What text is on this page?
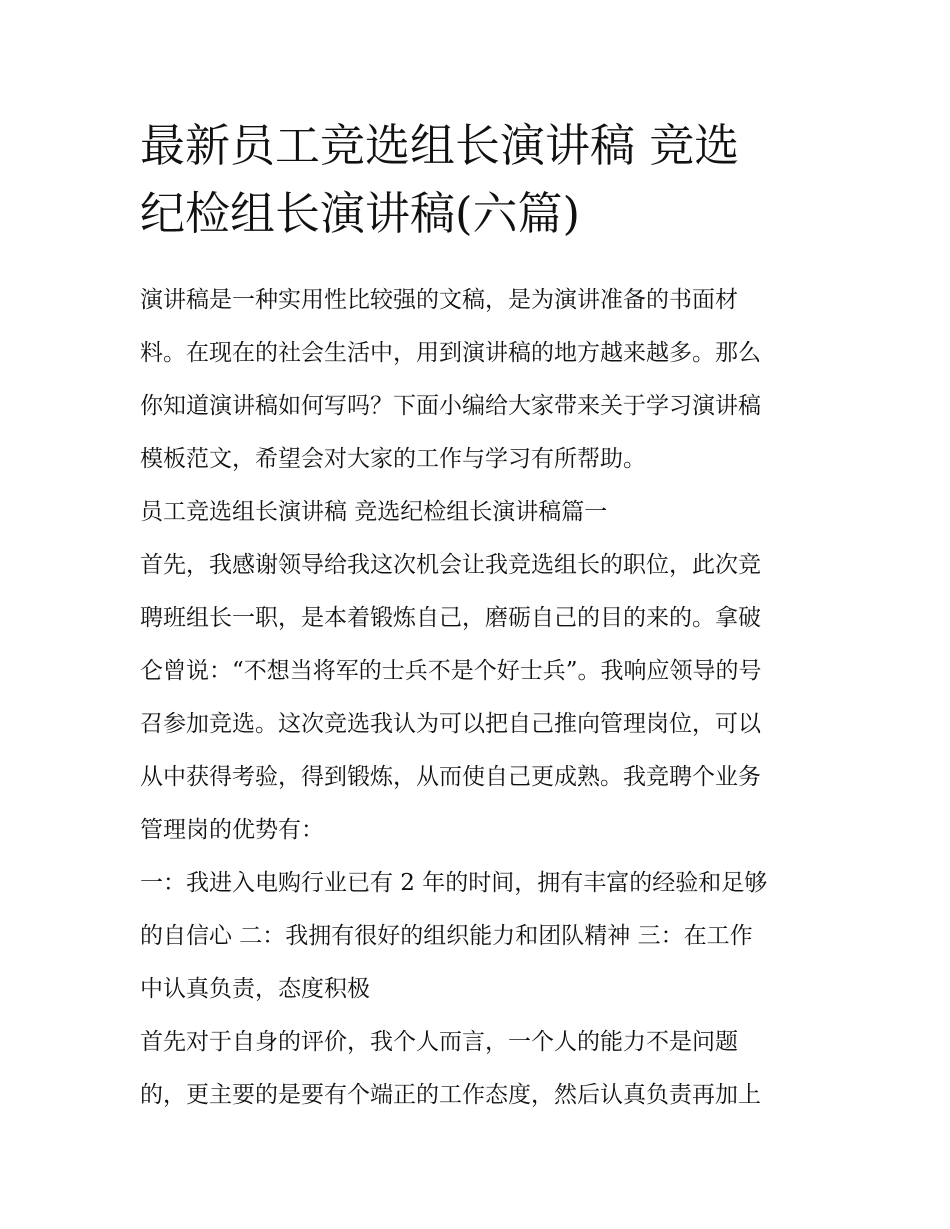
最新员工竞选组长演讲稿 竞选
纪检组长演讲稿(六篇)
演讲稿是一种实用性比较强的文稿，是为演讲准备的书面材
料。在现在的社会生活中，用到演讲稿的地方越来越多。那么
你知道演讲稿如何写吗？下面小编给大家带来关于学习演讲稿
模板范文，希望会对大家的工作与学习有所帮助。
员工竞选组长演讲稿 竞选纪检组长演讲稿篇一
首先，我感谢领导给我这次机会让我竞选组长的职位，此次竞
聘班组长一职，是本着锻炼自己，磨砺自己的目的来的。拿破
仑曾说：“不想当将军的士兵不是个好士兵”。我响应领导的号
召参加竞选。这次竞选我认为可以把自己推向管理岗位，可以
从中获得考验，得到锻炼，从而使自己更成熟。我竞聘个业务
管理岗的优势有：
一：我进入电购行业已有 2 年的时间，拥有丰富的经验和足够
的自信心 二：我拥有很好的组织能力和团队精神 三：在工作
中认真负责，态度积极
首先对于自身的评价，我个人而言，一个人的能力不是问题
的，更主要的是要有个端正的工作态度，然后认真负责再加上
